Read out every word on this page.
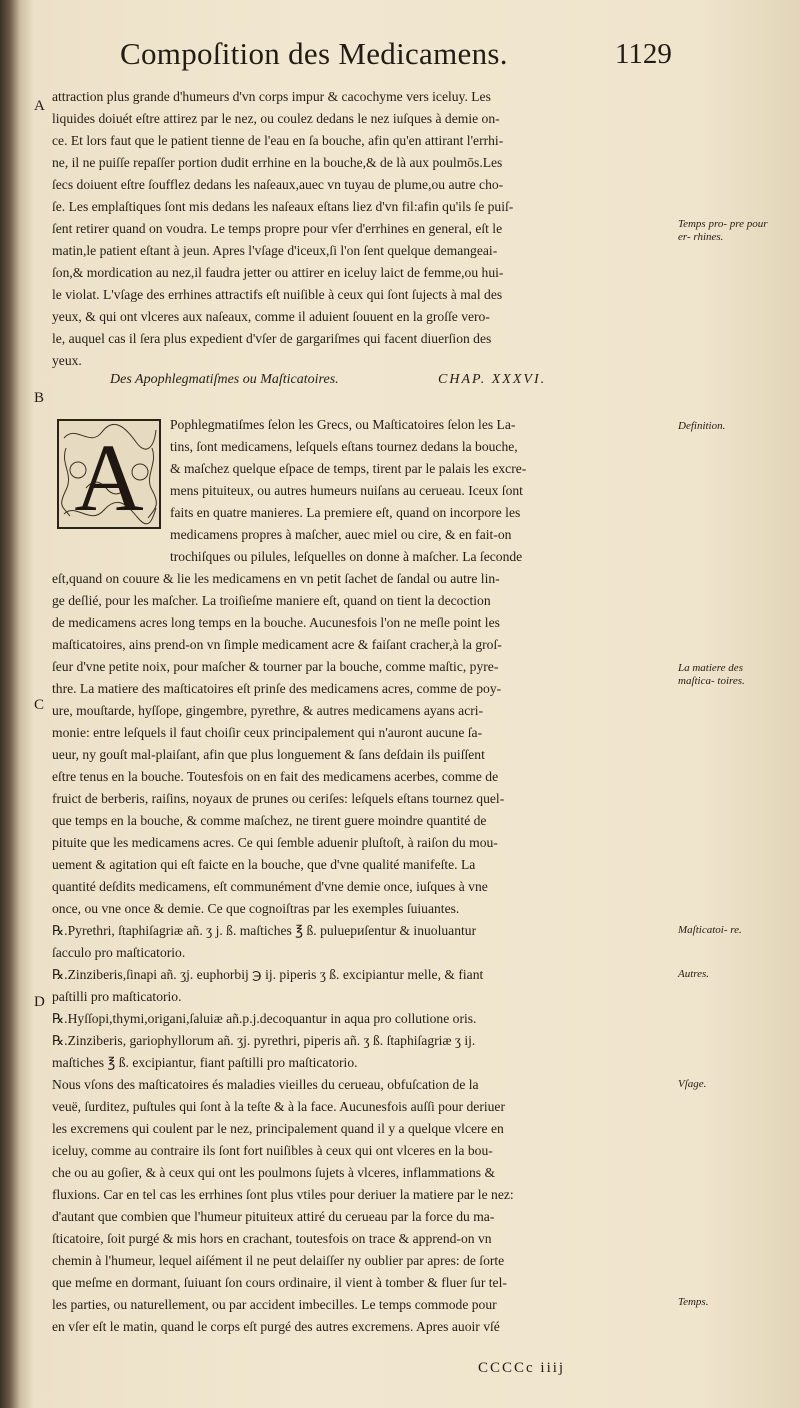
Compoſition des Medicamens.	1129
A
B
C
D
attraction plus grande d'humeurs d'vn corps impur & cacochyme vers iceluy. Les
liquides doiuét eſtre attirez par le nez, ou coulez dedans le nez iuſques à demie on-
ce. Et lors faut que le patient tienne de l'eau en ſa bouche, afin qu'en attirant l'errhi-
ne, il ne puiſſe repaſſer portion dudit errhine en la bouche,& de là aux poulmōs.Les
ſecs doiuent eſtre ſoufflez dedans les naſeaux,auec vn tuyau de plume,ou autre cho-
ſe. Les emplaſtiques ſont mis dedans les naſeaux eſtans liez d'vn fil:afin qu'ils ſe puiſ-
ſent retirer quand on voudra. Le temps propre pour vſer d'errhines en general, eſt le
matin,le patient eſtant à jeun. Apres l'vſage d'iceux,ſi l'on ſent quelque demangeai-
ſon,& mordication au nez,il faudra jetter ou attirer en iceluy laict de femme,ou hui-
le violat. L'vſage des errhines attractifs eſt nuiſible à ceux qui ſont ſujects à mal des
yeux, & qui ont vlceres aux naſeaux, comme il aduient ſouuent en la groſſe vero-
le, auquel cas il ſera plus expedient d'vſer de gargariſmes qui facent diuerſion des
yeux.
Des Apophlegmatiſmes ou Maſticatoires.	CHAP. XXXVI.
A Pophlegmatiſmes ſelon les Grecs, ou Maſticatoires ſelon les La-
tins, ſont medicamens, leſquels eſtans tournez dedans la bouche,
& maſchez quelque eſpace de temps, tirent par le palais les excre-
mens pituiteux, ou autres humeurs nuiſans au cerueau. Iceux ſont
faits en quatre manieres. La premiere eſt, quand on incorpore les
medicamens propres à maſcher, auec miel ou cire, & en fait-on
trochiſques ou pilules, leſquelles on donne à maſcher. La ſeconde
eſt,quand on couure & lie les medicamens en vn petit ſachet de ſandal ou autre lin-
ge deſlié, pour les maſcher. La troiſieſme maniere eſt, quand on tient la decoction
de medicamens acres long temps en la bouche. Aucunesfois l'on ne meſle point les
maſticatoires, ains prend-on vn ſimple medicament acre & faiſant cracher,à la groſ-
ſeur d'vne petite noix, pour maſcher & tourner par la bouche, comme maſtic, pyre-
thre. La matiere des maſticatoires eſt prinſe des medicamens acres, comme de poy-
ure, mouſtarde, hyſſope, gingembre, pyrethre, & autres medicamens ayans acri-
monie: entre leſquels il faut choiſir ceux principalement qui n'auront aucune ſa-
ueur, ny gouſt mal-plaiſant, afin que plus longuement & ſans deſdain ils puiſſent
eſtre tenus en la bouche. Toutesfois on en fait des medicamens acerbes, comme de
fruict de berberis, raiſins, noyaux de prunes ou ceriſes: leſquels eſtans tournez quel-
que temps en la bouche, & comme maſchez, ne tirent guere moindre quantité de
pituite que les medicamens acres. Ce qui ſemble aduenir pluſtoſt, à raiſon du mou-
uement & agitation qui eſt faicte en la bouche, que d'vne qualité manifeſte. La
quantité deſdits medicamens, eſt communément d'vne demie once, iuſques à vne
once, ou vne once & demie. Ce que cognoiſtras par les exemples ſuiuantes.
℞.Pyrethri, ſtaphiſagriæ añ. ʒ j. ß. maſtiches ℥ ß. puluериſentur & inuoluantur
ſacculo pro maſticatorio.
℞.Zinziberis,ſinapi añ. ʒj. euphorbij ℈ ij. piperis ʒ ß. excipiantur melle, & fiant
paſtilli pro maſticatorio.
℞.Hyſſopi,thymi,origani,ſaluiæ añ.p.j.decoquantur in aqua pro collutione oris.
℞.Zinziberis, gariophyllorum añ. ʒj. pyrethri, piperis añ. ʒ ß. ſtaphiſagriæ ʒ ij.
maſtiches ℥ ß. excipiantur, fiant paſtilli pro maſticatorio.
Nous vſons des maſticatoires és maladies vieilles du cerueau, obfuſcation de la
veuë, ſurditez, puſtules qui ſont à la teſte & à la face. Aucunesfois auſſi pour deriuer
les excremens qui coulent par le nez, principalement quand il y a quelque vlcere en
iceluy, comme au contraire ils ſont fort nuiſibles à ceux qui ont vlceres en la bou-
che ou au goſier, & à ceux qui ont les poulmons ſujets à vlceres, inflammations &
fluxions. Car en tel cas les errhines ſont plus vtiles pour deriuer la matiere par le nez:
d'autant que combien que l'humeur pituiteux attiré du cerueau par la force du ma-
ſticatoire, ſoit purgé & mis hors en crachant, toutesfois on trace & apprend-on vn
chemin à l'humeur, lequel aiſément il ne peut delaiſſer ny oublier par apres: de ſorte
que meſme en dormant, ſuiuant ſon cours ordinaire, il vient à tomber & fluer ſur tel-
les parties, ou naturellement, ou par accident imbecilles. Le temps commode pour
en vſer eſt le matin, quand le corps eſt purgé des autres excremens. Apres auoir vſé
Temps pro- pre pour er- rhines.
Definition.
La matiere des maſtica- toires.
Maſticatoi- re.
Autres.
Vſage.
Temps.
CCCCc iiij
